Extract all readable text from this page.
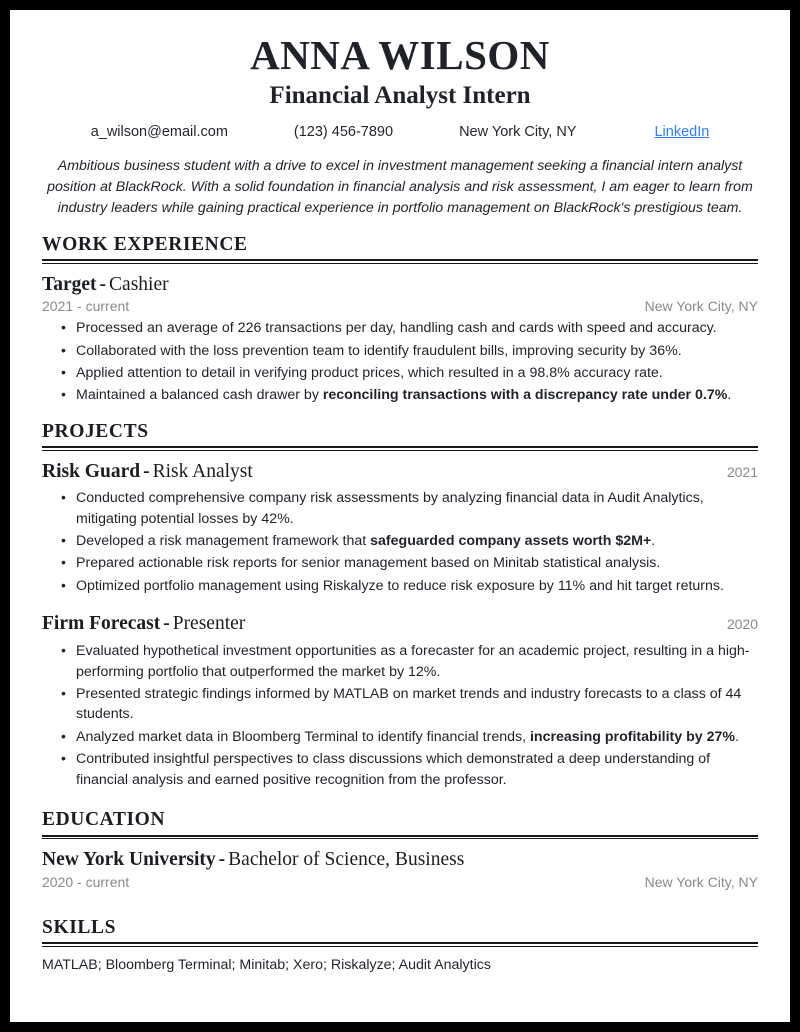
ANNA WILSON
Financial Analyst Intern
a_wilson@email.com	(123) 456-7890	New York City, NY	LinkedIn
Ambitious business student with a drive to excel in investment management seeking a financial intern analyst position at BlackRock. With a solid foundation in financial analysis and risk assessment, I am eager to learn from industry leaders while gaining practical experience in portfolio management on BlackRock's prestigious team.
WORK EXPERIENCE
Target - Cashier
2021 - current	New York City, NY
• Processed an average of 226 transactions per day, handling cash and cards with speed and accuracy.
• Collaborated with the loss prevention team to identify fraudulent bills, improving security by 36%.
• Applied attention to detail in verifying product prices, which resulted in a 98.8% accuracy rate.
• Maintained a balanced cash drawer by reconciling transactions with a discrepancy rate under 0.7%.
PROJECTS
Risk Guard - Risk Analyst	2021
• Conducted comprehensive company risk assessments by analyzing financial data in Audit Analytics, mitigating potential losses by 42%.
• Developed a risk management framework that safeguarded company assets worth $2M+.
• Prepared actionable risk reports for senior management based on Minitab statistical analysis.
• Optimized portfolio management using Riskalyze to reduce risk exposure by 11% and hit target returns.
Firm Forecast - Presenter	2020
• Evaluated hypothetical investment opportunities as a forecaster for an academic project, resulting in a high-performing portfolio that outperformed the market by 12%.
• Presented strategic findings informed by MATLAB on market trends and industry forecasts to a class of 44 students.
• Analyzed market data in Bloomberg Terminal to identify financial trends, increasing profitability by 27%.
• Contributed insightful perspectives to class discussions which demonstrated a deep understanding of financial analysis and earned positive recognition from the professor.
EDUCATION
New York University - Bachelor of Science, Business
2020 - current	New York City, NY
SKILLS
MATLAB; Bloomberg Terminal; Minitab; Xero; Riskalyze; Audit Analytics
